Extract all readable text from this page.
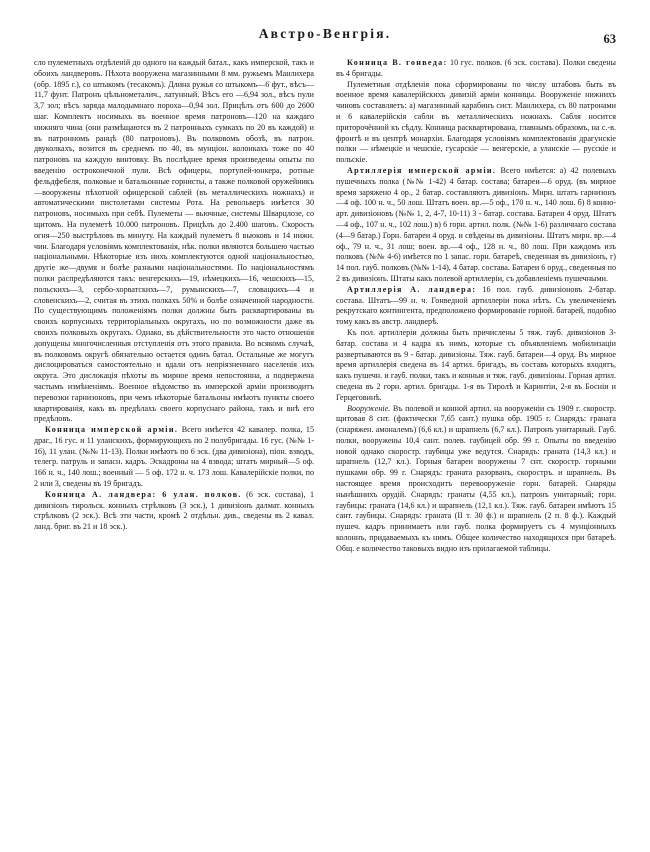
Австро-Венгрія.	63

сло пулеметныхъ отдѣленій до одного на каждый батал., какъ имперской, такъ и обоихъ ландверовъ. Пѣхота вооружена магазинными 8 мм. ружьемъ Манлихера (обр. 1895 г.), со штыкомъ (тесакомъ). Длина ружья со штыкомъ—6 фут., вѣсъ—11,7 фунт. Патронъ цѣльнометалич., латунный. Вѣсъ его —6,94 зол., вѣсъ пули 3,7 зол; вѣсъ заряда малодымнаго пороха—0,94 зол. Прицѣлъ отъ 600 до 2600 шаг. Комплектъ носимыхъ въ военное время патроновъ—120 на каждаго нижняго чина (они размѣщаются въ 2 патронныхъ сумкахъ по 20 въ каждой) и въ патронномъ ранцѣ (80 патроновъ). Въ полковомъ обозѣ, въ патрон. двуколкахъ, возится въ среднемъ по 40, въ мунціон. колонкахъ тоже по 40 патроновъ на каждую винтовку. Въ послѣднее время произведены опыты по введенію остроконечной пули. Всѣ офицеры, портупей-юнкера, ротные фельдфебеля, полковые и батальонные горнисты, а также полковой оружейникъ—вооружены пѣхотной офицерской саблей (въ металлическихъ ножнахъ) и автоматическими пистолетами системы Рота. На револьверъ имѣется 30 патроновъ, носимыхъ при себѣ. Пулеметы — вьючные, системы Шварцлозе, со щитомъ. На пулеметѣ 10.000 патроновъ. Прицѣлъ до 2.400 шаговъ. Скорость огня—250 выстрѣловъ въ минуту. На каждый пулеметъ 8 вьюковъ и 14 нижн. чин. Благодаря условіямъ комплектованія, нѣк. полки являются большею частью національными. Нѣкоторые изъ нихъ комплектуются одной національностью, другіе же—двумя и болѣе разными національностями. По національностямъ полки распредѣляются такъ: венгерскихъ—19, нѣмецкихъ—16, чешскихъ—15, польскихъ—3, сербо-хорватскихъ—7, румынскихъ—7, словацкихъ—4 и словенскихъ—2, считая въ этихъ полкахъ 50% и болѣе означенной народности. По существующимъ положеніямъ полки должны быть расквартированы въ своихъ корпусныхъ территоріальныхъ округахъ, но по возможности даже въ своихъ полковыхъ округахъ. Однако, въ дѣйствительности это часто отношенія допущены многочисленныя отступленія отъ этого правила. Во всякомъ случаѣ, въ полковомъ округѣ обязательно остается одинъ батал. Остальные же могутъ дислоцироваться самостоятельно и вдали отъ непріязненнаго населенія ихъ округа. Это дислокація пѣхоты въ мирное время непостоянна, а подвержена частымъ измѣненіямъ. Военное вѣдомство въ имперской арміи производитъ перевозки гарнизоновъ, при чемъ нѣкоторые батальоны имѣютъ пункты своего квартированія, какъ въ предѣлахъ своего корпуснаго района, такъ и внѣ его предѣловъ.

Конница имперской арміи. Всего имѣется 42 кавалер. полка, 15 драг., 16 гус. и 11 уланскихъ, формирующихъ по 2 полубригады. 16 гус. (№№ 1-16), 11 улан. (№№ 11-13). Полки имѣютъ по 6 эск. (два дивизіона), піон. взводъ, телегр. патруль и запасн. кадръ. Эскадроны на 4 взвода; штатъ мирный—5 оф. 166 н. ч., 140 лош.; военный — 5 оф. 172 н. ч. 173 лош. Кавалерійскіе полки, по 2 или 3, сведены въ 19 бригадъ.

Конница А. ландвера: 6 улан. полков. (6 эск. состава), 1 дивизіонъ тирольск. конныхъ стрѣлковъ (3 эск.), 1 дивизіонъ далмат. конныхъ стрѣлковъ (2 эск.). Всѣ эти части, кромѣ 2 отдѣльн. див., сведены въ 2 кавал. ланд. бриг. въ 21 и 18 эск.).

Конница В. гонведа: 10 гус. полков. (6 эск. состава). Полки сведены въ 4 бригады.

Пулеметныя отдѣленія пока сформированы по числу штабовъ быть въ военное время кавалерійскихъ дивизій арміи конницы. Вооруженіе нижнихъ чиновъ составляетъ: а) магазинный карабинъ сист. Манлихера, съ 80 патронами и 6 кавалерійскія сабли въ металлическихъ ножнахъ. Сабля носится приторочённой къ сѣдлу. Конница расквартирована, главнымъ образомъ, на с.-в. фронтѣ и въ центрѣ монархіи. Благодаря условіямъ комплектованія драгунскіе полки — нѣмецкіе и чешскіе, гусарскіе — венгерскіе, а уланскіе — русскіе и польскіе.

Артиллерія имперской арміи. Всего имѣется: а) 42 полевыхъ пушечныхъ полка (№№ 1-42) 4 батар. состава; батареи—6 оруд. (въ мирное время заряжено 4 ор., 2 батар. составляютъ дивизіонъ. Мирн. штатъ гарнизонъ—4 оф. 100 н. ч., 50 лош. Штатъ воен. вр.—5 оф., 170 н. ч., 140 лош. б) 8 конно-арт. дивизіоновъ (№№ 1, 2, 4-7, 10-11) 3 - батар. состава. Батареи 4 оруд. Штатъ—4 оф., 107 н. ч., 102 лош.) в) 6 горн. артил. полк. (№№ 1-6) различнаго состава (4—9 батар.) Горн. батареи 4 оруд. и свѣдены въ дивизіоны. Штатъ мирн. вр.—4 оф., 79 н. ч., 31 лош; воен. вр.—4 оф., 128 н. ч., 80 лош. При каждомъ изъ полковъ (№№ 4-6) имѣется по 1 запас. горн. батареѣ, сведенная въ дивизіонъ, г) 14 пол. гауб. полковъ (№№ 1-14), 4 батар. состава. Батареи 6 оруд., сведенныя по 2 въ дивизіонъ. Штаты какъ полевой артиллеріи, съ добавленіемъ пушечными.

Артиллерія А. ландвера: 16 пол. гауб. дивизіоновъ 2-батар. состава. Штатъ—99 н. ч. Гонведной артиллеріи пока нѣтъ. Съ увеличеніемъ рекрутскаго контингента, предположено формированіе горной. батарей, подобно тому какъ въ австр. ландверѣ.

Къ пол. артиллеріи должны быть причислены 5 тяж. гауб. дивизіонов 3-батар. состава и 4 кадра къ нимъ, которые съ объявленіемъ мобилизаціи развертываются въ 9 - батар. дивизіоны. Тяж. гауб. батареи—4 оруд. Въ мирное время артиллерія сведена въ 14 артил. бригадъ, въ составъ которыхъ входятъ, какъ пушечн. и гауб. полки, такъ и конныя и тяж. гауб. дивизіоны. Горная артил. сведена въ 2 горн. артил. бригады. 1-я въ Тиролѣ и Каринтіи, 2-я въ Босніи и Герцеговинѣ.

Вооруженіе. Въ полевой и конной артил. на вооруженіи съ 1909 г. скоростр. щитовая 8 снт. (фактически 7,65 сант.) пушка обр. 1905 г. Снарядъ: граната (снаряжен. амоналемъ) (6,6 кл.) и шрапнель (6,7 кл.). Патронъ унитарный. Гауб. полки, вооружены 10,4 сант. полев. гаубицей обр. 99 г. Опыты по введенію новой однако скоростр. гаубицы уже ведутся. Снарядъ: граната (14,3 кл.) и шрапнель (12,7 кл.). Горныя батареи вооружены 7 снт. скоростр. горными пушками обр. 99 г. Снарядъ: граната разорванъ, скоростръ. и шрапнель. Въ настоящее время происходитъ перевооруженіе горн. батарей. Снаряды нынѣшнихъ орудій. Снарядъ: гранаты (4,55 кл.), патронъ унитарный; горн. гаубицы: граната (14,6 кл.) и шрапнель (12,1 кл.). Тяж. гауб. батареи имѣютъ 15 сант. гаубицы. Снарядъ: граната (II т. 30 ф.) и шрапнель (2 п. 8 ф.). Каждый пушеч. кадръ принимаетъ или гауб. полка формируетъ съ 4 мунцiонныхъ колоннъ, придаваемыхъ къ нимъ. Общее количество находящихся при батареѣ. Общ. е количество таковыхъ видно изъ прилагаемой таблицы.
